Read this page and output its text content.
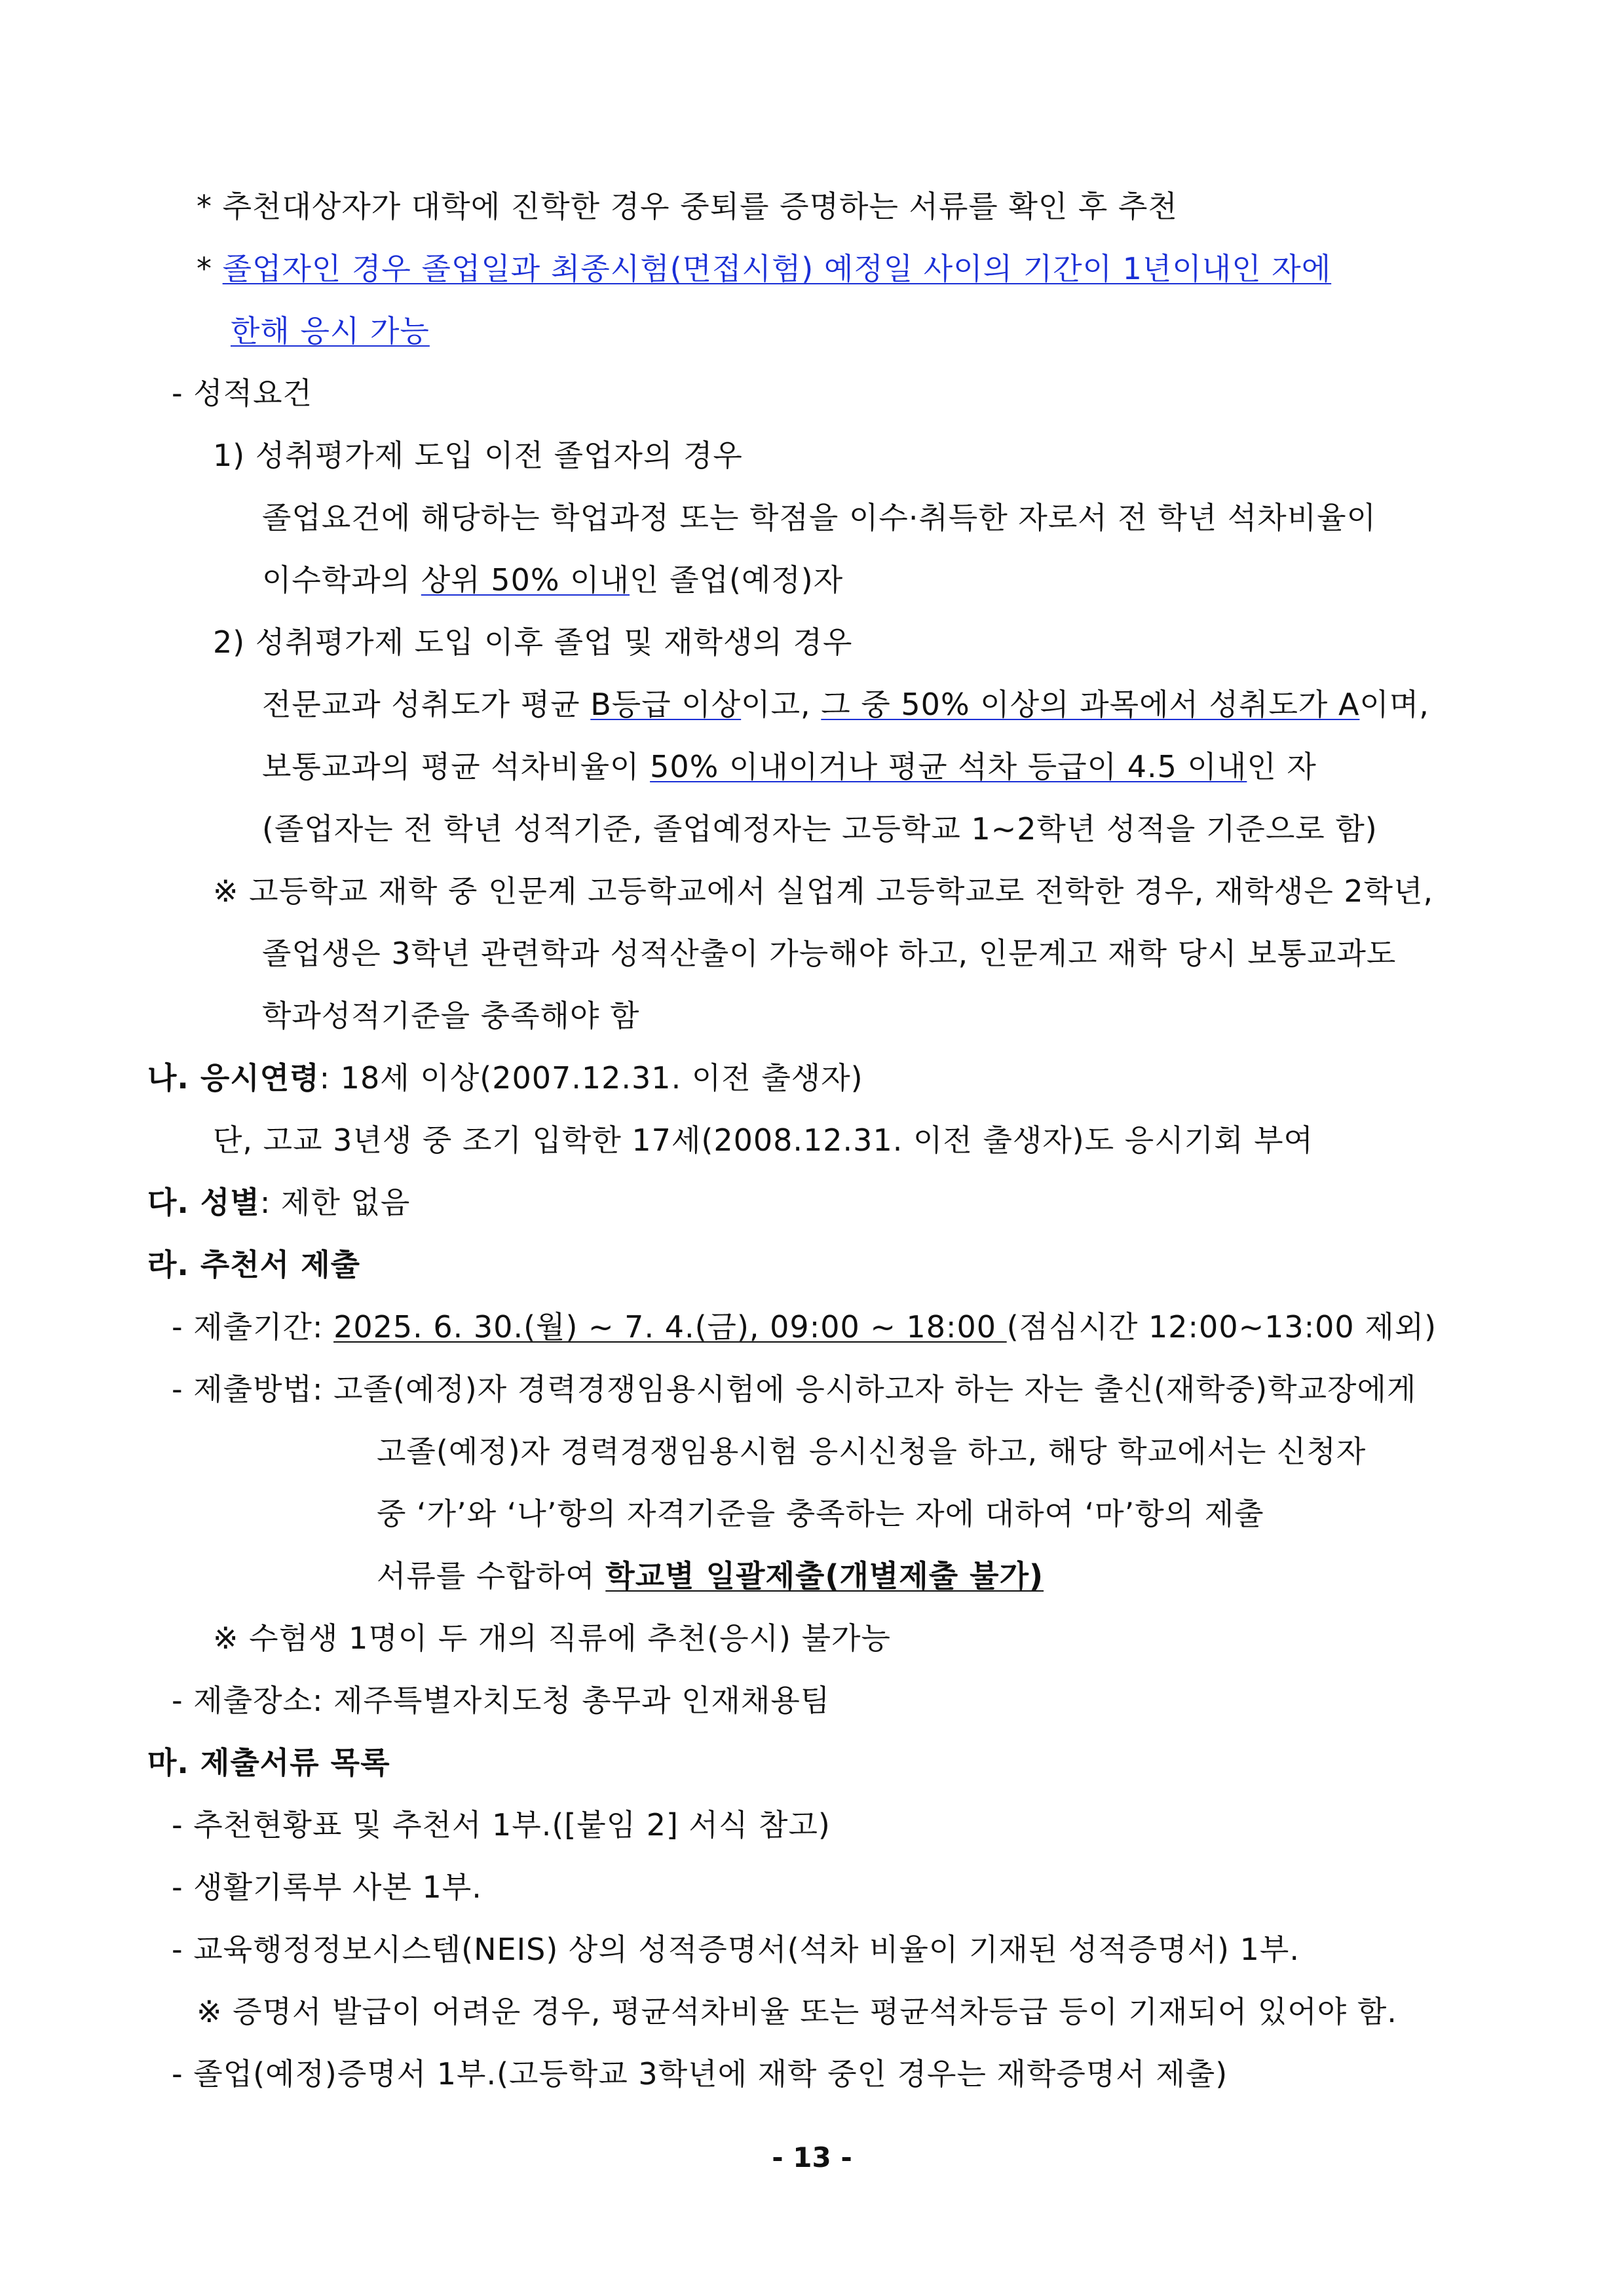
* 추천대상자가 대학에 진학한 경우 중퇴를 증명하는 서류를 확인 후 추천
* 졸업자인 경우 졸업일과 최종시험(면접시험) 예정일 사이의 기간이 1년이내인 자에
한해 응시 가능
- 성적요건
1) 성취평가제 도입 이전 졸업자의 경우
졸업요건에 해당하는 학업과정 또는 학점을 이수·취득한 자로서 전 학년 석차비율이
이수학과의 상위 50% 이내인 졸업(예정)자
2) 성취평가제 도입 이후 졸업 및 재학생의 경우
전문교과 성취도가 평균 B등급 이상이고, 그 중 50% 이상의 과목에서 성취도가 A이며,
보통교과의 평균 석차비율이 50% 이내이거나 평균 석차 등급이 4.5 이내인 자
(졸업자는 전 학년 성적기준, 졸업예정자는 고등학교 1~2학년 성적을 기준으로 함)
※ 고등학교 재학 중 인문계 고등학교에서 실업계 고등학교로 전학한 경우, 재학생은 2학년,
졸업생은 3학년 관련학과 성적산출이 가능해야 하고, 인문계고 재학 당시 보통교과도
학과성적기준을 충족해야 함
나. 응시연령: 18세 이상(2007.12.31. 이전 출생자)
단, 고교 3년생 중 조기 입학한 17세(2008.12.31. 이전 출생자)도 응시기회 부여
다. 성별: 제한 없음
라. 추천서 제출
- 제출기간: 2025. 6. 30.(월) ~ 7. 4.(금), 09:00 ~ 18:00 (점심시간 12:00~13:00 제외)
- 제출방법: 고졸(예정)자 경력경쟁임용시험에 응시하고자 하는 자는 출신(재학중)학교장에게
고졸(예정)자 경력경쟁임용시험 응시신청을 하고, 해당 학교에서는 신청자
중 ‘가’와 ‘나’항의 자격기준을 충족하는 자에 대하여 ‘마’항의 제출
서류를 수합하여 학교별 일괄제출(개별제출 불가)
※ 수험생 1명이 두 개의 직류에 추천(응시) 불가능
- 제출장소: 제주특별자치도청 총무과 인재채용팀
마. 제출서류 목록
- 추천현황표 및 추천서 1부.([붙임 2] 서식 참고)
- 생활기록부 사본 1부.
- 교육행정정보시스템(NEIS) 상의 성적증명서(석차 비율이 기재된 성적증명서) 1부.
※ 증명서 발급이 어려운 경우, 평균석차비율 또는 평균석차등급 등이 기재되어 있어야 함.
- 졸업(예정)증명서 1부.(고등학교 3학년에 재학 중인 경우는 재학증명서 제출)
- 13 -
